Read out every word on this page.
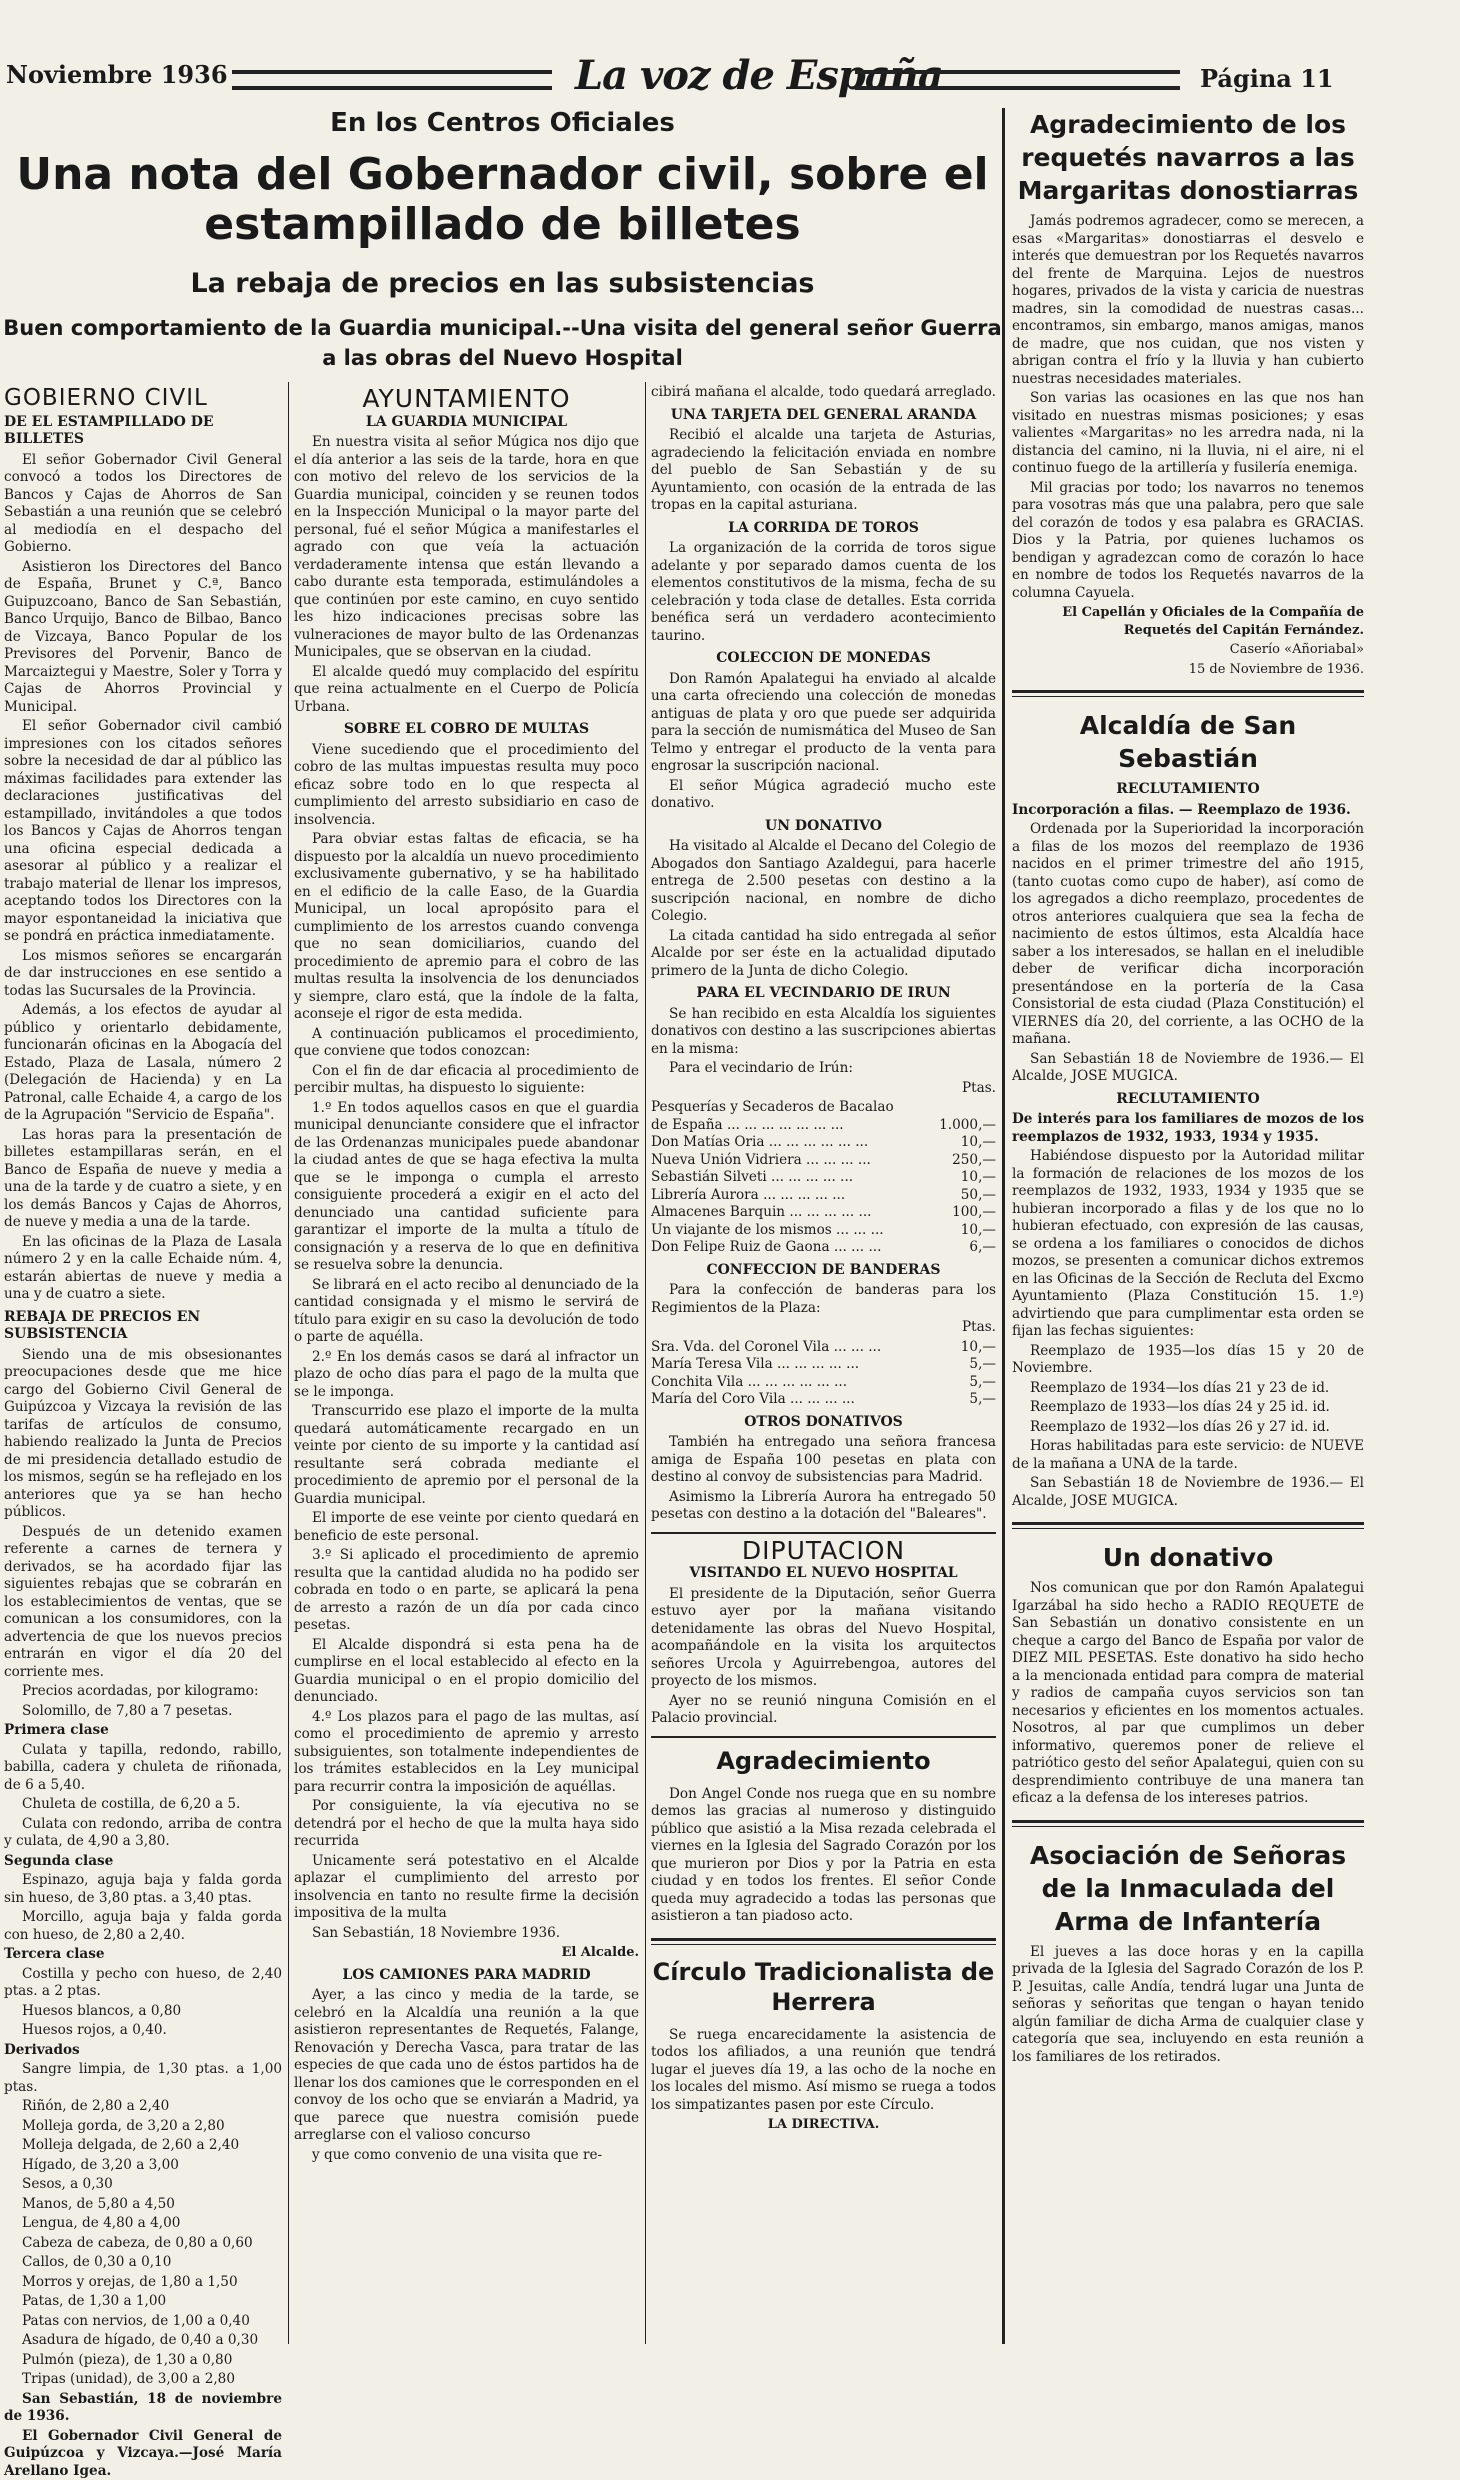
Noviembre 1936	La voz de España	Página 11
En los Centros Oficiales
Una nota del Gobernador civil, sobre el
estampillado de billetes
La rebaja de precios en las subsistencias
Buen comportamiento de la Guardia municipal.--Una visita del general señor Guerra
a las obras del Nuevo Hospital
GOBIERNO CIVIL
DE EL ESTAMPILLADO DE BILLETES

El señor Gobernador Civil General convocó a todos los Directores de Bancos y Cajas de Ahorros de San Sebastián a una reunión que se celebró al mediodía en el despacho del Gobierno.

Asistieron los Directores del Banco de España, Brunet y C.ª, Banco Guipuzcoano, Banco de San Sebastián, Banco Urquijo, Banco de Bilbao, Banco de Vizcaya, Banco Popular de los Previsores del Porvenir, Banco de Marcaiztegui y Maestre, Soler y Torra y Cajas de Ahorros Provincial y Municipal.

El señor Gobernador civil cambió impresiones con los citados señores sobre la necesidad de dar al público las máximas facilidades para extender las declaraciones justificativas del estampillado, invitándoles a que todos los Bancos y Cajas de Ahorros tengan una oficina especial dedicada a asesorar al público y a realizar el trabajo material de llenar los impresos, aceptando todos los Directores con la mayor espontaneidad la iniciativa que se pondrá en práctica inmediatamente.

Los mismos señores se encargarán de dar instrucciones en ese sentido a todas las Sucursales de la Provincia.

Además, a los efectos de ayudar al público y orientarlo debidamente, funcionarán oficinas en la Abogacía del Estado, Plaza de Lasala, número 2 (Delegación de Hacienda) y en La Patronal, calle Echaide 4, a cargo de los de la Agrupación "Servicio de España".

Las horas para la presentación de billetes estampillaras serán, en el Banco de España de nueve y media a una de la tarde y de cuatro a siete, y en los demás Bancos y Cajas de Ahorros, de nueve y media a una de la tarde.

En las oficinas de la Plaza de Lasala número 2 y en la calle Echaide núm. 4, estarán abiertas de nueve y media a una y de cuatro a siete.

REBAJA DE PRECIOS EN SUBSISTENCIA

Siendo una de mis obsesionantes preocupaciones desde que me hice cargo del Gobierno Civil General de Guipúzcoa y Vizcaya la revisión de las tarifas de artículos de consumo, habiendo realizado la Junta de Precios de mi presidencia detallado estudio de los mismos, según se ha reflejado en los anteriores que ya se han hecho públicos.

Después de un detenido examen referente a carnes de ternera y derivados, se ha acordado fijar las siguientes rebajas que se cobrarán en los establecimientos de ventas, que se comunican a los consumidores, con la advertencia de que los nuevos precios entrarán en vigor el día 20 del corriente mes.

Precios acordadas, por kilogramo:

Solomillo, de 7,80 a 7 pesetas.

Primera clase

Culata y tapilla, redondo, rabillo, babilla, cadera y chuleta de riñonada, de 6 a 5,40.

Chuleta de costilla, de 6,20 a 5.

Culata con redondo, arriba de contra y culata, de 4,90 a 3,80.

Segunda clase

Espinazo, aguja baja y falda gorda sin hueso, de 3,80 ptas. a 3,40 ptas.

Morcillo, aguja baja y falda gorda con hueso, de 2,80 a 2,40.

Tercera clase

Costilla y pecho con hueso, de 2,40 ptas. a 2 ptas.

Huesos blancos, a 0,80

Huesos rojos, a 0,40.

Derivados

Sangre limpia, de 1,30 ptas. a 1,00 ptas.

Riñón, de 2,80 a 2,40

Molleja gorda, de 3,20 a 2,80

Molleja delgada, de 2,60 a 2,40

Hígado, de 3,20 a 3,00

Sesos, a 0,30

Manos, de 5,80 a 4,50

Lengua, de 4,80 a 4,00

Cabeza de cabeza, de 0,80 a 0,60

Callos, de 0,30 a 0,10

Morros y orejas, de 1,80 a 1,50

Patas, de 1,30 a 1,00

Patas con nervios, de 1,00 a 0,40

Asadura de hígado, de 0,40 a 0,30

Pulmón (pieza), de 1,30 a 0,80

Tripas (unidad), de 3,00 a 2,80

San Sebastián, 18 de noviembre de 1936.

El Gobernador Civil General de Guipúzcoa y Vizcaya.—José María Arellano Igea.

AYUNTAMIENTO
LA GUARDIA MUNICIPAL

En nuestra visita al señor Múgica nos dijo que el día anterior a las seis de la tarde, hora en que con motivo del relevo de los servicios de la Guardia municipal, coinciden y se reunen todos en la Inspección Municipal o la mayor parte del personal, fué el señor Múgica a manifestarles el agrado con que veía la actuación verdaderamente intensa que están llevando a cabo durante esta temporada, estimulándoles a que continúen por este camino, en cuyo sentido les hizo indicaciones precisas sobre las vulneraciones de mayor bulto de las Ordenanzas Municipales, que se observan en la ciudad.

El alcalde quedó muy complacido del espíritu que reina actualmente en el Cuerpo de Policía Urbana.

SOBRE EL COBRO DE MULTAS

Viene sucediendo que el procedimiento del cobro de las multas impuestas resulta muy poco eficaz sobre todo en lo que respecta al cumplimiento del arresto subsidiario en caso de insolvencia.

Para obviar estas faltas de eficacia, se ha dispuesto por la alcaldía un nuevo procedimiento exclusivamente gubernativo, y se ha habilitado en el edificio de la calle Easo, de la Guardia Municipal, un local apropósito para el cumplimiento de los arrestos cuando convenga que no sean domiciliarios, cuando del procedimiento de apremio para el cobro de las multas resulta la insolvencia de los denunciados y siempre, claro está, que la índole de la falta, aconseje el rigor de esta medida.

A continuación publicamos el procedimiento, que conviene que todos conozcan:

Con el fin de dar eficacia al procedimiento de percibir multas, ha dispuesto lo siguiente:

1.º En todos aquellos casos en que el guardia municipal denunciante considere que el infractor de las Ordenanzas municipales puede abandonar la ciudad antes de que se haga efectiva la multa que se le imponga o cumpla el arresto consiguiente procederá a exigir en el acto del denunciado una cantidad suficiente para garantizar el importe de la multa a título de consignación y a reserva de lo que en definitiva se resuelva sobre la denuncia.

Se librará en el acto recibo al denunciado de la cantidad consignada y el mismo le servirá de título para exigir en su caso la devolución de todo o parte de aquélla.

2.º En los demás casos se dará al infractor un plazo de ocho días para el pago de la multa que se le imponga.

Transcurrido ese plazo el importe de la multa quedará automáticamente recargado en un veinte por ciento de su importe y la cantidad así resultante será cobrada mediante el procedimiento de apremio por el personal de la Guardia municipal.

El importe de ese veinte por ciento quedará en beneficio de este personal.

3.º Si aplicado el procedimiento de apremio resulta que la cantidad aludida no ha podido ser cobrada en todo o en parte, se aplicará la pena de arresto a razón de un día por cada cinco pesetas.

El Alcalde dispondrá si esta pena ha de cumplirse en el local establecido al efecto en la Guardia municipal o en el propio domicilio del denunciado.

4.º Los plazos para el pago de las multas, así como el procedimiento de apremio y arresto subsiguientes, son totalmente independientes de los trámites establecidos en la Ley municipal para recurrir contra la imposición de aquéllas.

Por consiguiente, la vía ejecutiva no se detendrá por el hecho de que la multa haya sido recurrida

Unicamente será potestativo en el Alcalde aplazar el cumplimiento del arresto por insolvencia en tanto no resulte firme la decisión impositiva de la multa

San Sebastián, 18 Noviembre 1936.

El Alcalde.
LOS CAMIONES PARA MADRID

Ayer, a las cinco y media de la tarde, se celebró en la Alcaldía una reunión a la que asistieron representantes de Requetés, Falange, Renovación y Derecha Vasca, para tratar de las especies de que cada uno de éstos partidos ha de llenar los dos camiones que le corresponden en el convoy de los ocho que se enviarán a Madrid, ya que parece que nuestra comisión puede arreglarse con el valioso concurso

y que como convenio de una visita que re-

cibirá mañana el alcalde, todo quedará arreglado.

UNA TARJETA DEL GENERAL ARANDA

Recibió el alcalde una tarjeta de Asturias, agradeciendo la felicitación enviada en nombre del pueblo de San Sebastián y de su Ayuntamiento, con ocasión de la entrada de las tropas en la capital asturiana.

LA CORRIDA DE TOROS

La organización de la corrida de toros sigue adelante y por separado damos cuenta de los elementos constitutivos de la misma, fecha de su celebración y toda clase de detalles. Esta corrida benéfica será un verdadero acontecimiento taurino.

COLECCION DE MONEDAS

Don Ramón Apalategui ha enviado al alcalde una carta ofreciendo una colección de monedas antiguas de plata y oro que puede ser adquirida para la sección de numismática del Museo de San Telmo y entregar el producto de la venta para engrosar la suscripción nacional.

El señor Múgica agradeció mucho este donativo.

UN DONATIVO

Ha visitado al Alcalde el Decano del Colegio de Abogados don Santiago Azaldegui, para hacerle entrega de 2.500 pesetas con destino a la suscripción nacional, en nombre de dicho Colegio.

La citada cantidad ha sido entregada al señor Alcalde por ser éste en la actualidad diputado primero de la Junta de dicho Colegio.

PARA EL VECINDARIO DE IRUN

Se han recibido en esta Alcaldía los siguientes donativos con destino a las suscripciones abiertas en la misma:

Para el vecindario de Irún:

Ptas.

Pesquerías y Secaderos de Bacalao	
de España ... ... ... ... ... ... ...	1.000,—
Don Matías Oria ... ... ... ... ... ...	10,—
Nueva Unión Vidriera ... ... ... ...	250,—
Sebastián Silveti ... ... ... ... ...	10,—
Librería Aurora ... ... ... ... ...	50,—
Almacenes Barquin ... ... ... ... ...	100,—
Un viajante de los mismos ... ... ...	10,—
Don Felipe Ruiz de Gaona ... ... ...	6,—
CONFECCION DE BANDERAS

Para la confección de banderas para los Regimientos de la Plaza:

Ptas.

Sra. Vda. del Coronel Vila ... ... ...	10,—
María Teresa Vila ... ... ... ... ...	5,—
Conchita Vila ... ... ... ... ... ...	5,—
María del Coro Vila ... ... ... ...	5,—
OTROS DONATIVOS

También ha entregado una señora francesa amiga de España 100 pesetas en plata con destino al convoy de subsistencias para Madrid.

Asimismo la Librería Aurora ha entregado 50 pesetas con destino a la dotación del "Baleares".

DIPUTACION
VISITANDO EL NUEVO HOSPITAL

El presidente de la Diputación, señor Guerra estuvo ayer por la mañana visitando detenidamente las obras del Nuevo Hospital, acompañándole en la visita los arquitectos señores Urcola y Aguirrebengoa, autores del proyecto de los mismos.

Ayer no se reunió ninguna Comisión en el Palacio provincial.

Agradecimiento

Don Angel Conde nos ruega que en su nombre demos las gracias al numeroso y distinguido público que asistió a la Misa rezada celebrada el viernes en la Iglesia del Sagrado Corazón por los que murieron por Dios y por la Patria en esta ciudad y en todos los frentes. El señor Conde queda muy agradecido a todas las personas que asistieron a tan piadoso acto.

Círculo Tradicionalista de Herrera

Se ruega encarecidamente la asistencia de todos los afiliados, a una reunión que tendrá lugar el jueves día 19, a las ocho de la noche en los locales del mismo. Así mismo se ruega a todos los simpatizantes pasen por este Círculo.

LA DIRECTIVA.
Agradecimiento de los requetés navarros a las Margaritas donostiarras

Jamás podremos agradecer, como se merecen, a esas «Margaritas» donostiarras el desvelo e interés que demuestran por los Requetés navarros del frente de Marquina. Lejos de nuestros hogares, privados de la vista y caricia de nuestras madres, sin la comodidad de nuestras casas... encontramos, sin embargo, manos amigas, manos de madre, que nos cuidan, que nos visten y abrigan contra el frío y la lluvia y han cubierto nuestras necesidades materiales.

Son varias las ocasiones en las que nos han visitado en nuestras mismas posiciones; y esas valientes «Margaritas» no les arredra nada, ni la distancia del camino, ni la lluvia, ni el aire, ni el continuo fuego de la artillería y fusilería enemiga.

Mil gracias por todo; los navarros no tenemos para vosotras más que una palabra, pero que sale del corazón de todos y esa palabra es GRACIAS. Dios y la Patria, por quienes luchamos os bendigan y agradezcan como de corazón lo hace en nombre de todos los Requetés navarros de la columna Cayuela.

El Capellán y Oficiales de la Compañía de Requetés del Capitán Fernández.
Caserío «Añoriabal»
15 de Noviembre de 1936.
Alcaldía de San Sebastián
RECLUTAMIENTO

Incorporación a filas. — Reemplazo de 1936.

Ordenada por la Superioridad la incorporación a filas de los mozos del reemplazo de 1936 nacidos en el primer trimestre del año 1915, (tanto cuotas como cupo de haber), así como de los agregados a dicho reemplazo, procedentes de otros anteriores cualquiera que sea la fecha de nacimiento de estos últimos, esta Alcaldía hace saber a los interesados, se hallan en el ineludible deber de verificar dicha incorporación presentándose en la portería de la Casa Consistorial de esta ciudad (Plaza Constitución) el VIERNES día 20, del corriente, a las OCHO de la mañana.

San Sebastián 18 de Noviembre de 1936.— El Alcalde, JOSE MUGICA.

RECLUTAMIENTO

De interés para los familiares de mozos de los reemplazos de 1932, 1933, 1934 y 1935.

Habiéndose dispuesto por la Autoridad militar la formación de relaciones de los mozos de los reemplazos de 1932, 1933, 1934 y 1935 que se hubieran incorporado a filas y de los que no lo hubieran efectuado, con expresión de las causas, se ordena a los familiares o conocidos de dichos mozos, se presenten a comunicar dichos extremos en las Oficinas de la Sección de Recluta del Excmo Ayuntamiento (Plaza Constitución 15. 1.º) advirtiendo que para cumplimentar esta orden se fijan las fechas siguientes:

Reemplazo de 1935—los días 15 y 20 de Noviembre.

Reemplazo de 1934—los días 21 y 23 de id.

Reemplazo de 1933—los días 24 y 25 id. id.

Reemplazo de 1932—los días 26 y 27 id. id.

Horas habilitadas para este servicio: de NUEVE de la mañana a UNA de la tarde.

San Sebastián 18 de Noviembre de 1936.— El Alcalde, JOSE MUGICA.

Un donativo

Nos comunican que por don Ramón Apalategui Igarzábal ha sido hecho a RADIO REQUETE de San Sebastián un donativo consistente en un cheque a cargo del Banco de España por valor de DIEZ MIL PESETAS. Este donativo ha sido hecho a la mencionada entidad para compra de material y radios de campaña cuyos servicios son tan necesarios y eficientes en los momentos actuales. Nosotros, al par que cumplimos un deber informativo, queremos poner de relieve el patriótico gesto del señor Apalategui, quien con su desprendimiento contribuye de una manera tan eficaz a la defensa de los intereses patrios.

Asociación de Señoras de la Inmaculada del Arma de Infantería

El jueves a las doce horas y en la capilla privada de la Iglesia del Sagrado Corazón de los P. P. Jesuitas, calle Andía, tendrá lugar una Junta de señoras y señoritas que tengan o hayan tenido algún familiar de dicha Arma de cualquier clase y categoría que sea, incluyendo en esta reunión a los familiares de los retirados.
